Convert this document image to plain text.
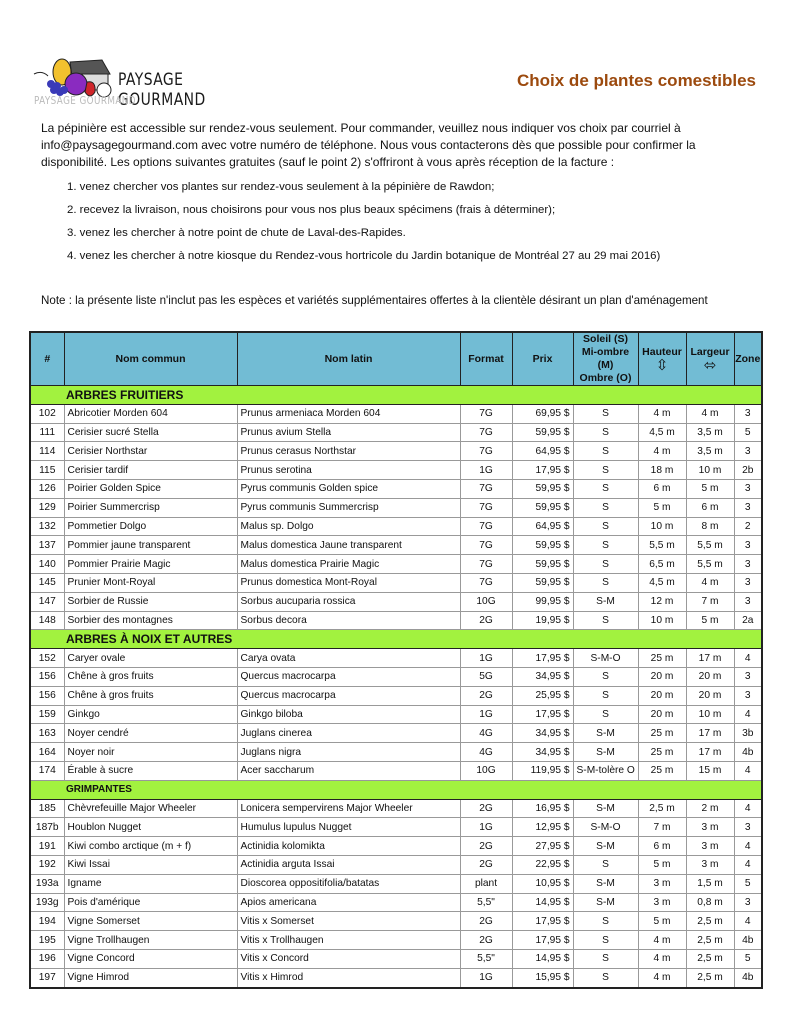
PAYSAGE GOURMAND
PAYSAGE GOURMAND
Choix de plantes comestibles
La pépinière est accessible sur rendez-vous seulement. Pour commander, veuillez nous indiquer vos choix par courriel à info@paysagegourmand.com avec votre numéro de téléphone. Nous vous contacterons dès que possible pour confirmer la disponibilité. Les options suivantes gratuites (sauf le point 2) s'offriront à vous après réception de la facture :
1. venez chercher vos plantes sur rendez-vous seulement à la pépinière de Rawdon;
2. recevez la livraison, nous choisirons pour vous nos plus beaux spécimens (frais à déterminer);
3. venez les chercher à notre point de chute de Laval-des-Rapides.
4. venez les chercher à notre kiosque du Rendez-vous hortricole du Jardin botanique de Montréal 27 au 29 mai 2016)
Note : la présente liste n'inclut pas les espèces et variétés supplémentaires offertes à la clientèle désirant un plan d'aménagement
#	Nom commun	Nom latin	Format	Prix	Soleil (S)
Mi-ombre (M)
Ombre (O)	Hauteur
⇳	Largeur
⬄	Zone
ARBRES FRUITIERS								
102	Abricotier Morden 604	Prunus armeniaca Morden 604	7G	69,95 $	S	4 m	4 m	3
111	Cerisier sucré Stella	Prunus avium Stella	7G	59,95 $	S	4,5 m	3,5 m	5
114	Cerisier Northstar	Prunus cerasus Northstar	7G	64,95 $	S	4 m	3,5 m	3
115	Cerisier tardif	Prunus serotina	1G	17,95 $	S	18 m	10 m	2b
126	Poirier Golden Spice	Pyrus communis Golden spice	7G	59,95 $	S	6 m	5 m	3
129	Poirier Summercrisp	Pyrus communis Summercrisp	7G	59,95 $	S	5 m	6 m	3
132	Pommetier Dolgo	Malus sp. Dolgo	7G	64,95 $	S	10 m	8 m	2
137	Pommier jaune transparent	Malus domestica Jaune transparent	7G	59,95 $	S	5,5 m	5,5 m	3
140	Pommier Prairie Magic	Malus domestica Prairie Magic	7G	59,95 $	S	6,5 m	5,5 m	3
145	Prunier Mont-Royal	Prunus domestica Mont-Royal	7G	59,95 $	S	4,5 m	4 m	3
147	Sorbier de Russie	Sorbus aucuparia rossica	10G	99,95 $	S-M	12 m	7 m	3
148	Sorbier des montagnes	Sorbus decora	2G	19,95 $	S	10 m	5 m	2a
ARBRES À NOIX ET AUTRES								
152	Caryer ovale	Carya ovata	1G	17,95 $	S-M-O	25 m	17 m	4
156	Chêne à gros fruits	Quercus macrocarpa	5G	34,95 $	S	20 m	20 m	3
156	Chêne à gros fruits	Quercus macrocarpa	2G	25,95 $	S	20 m	20 m	3
159	Ginkgo	Ginkgo biloba	1G	17,95 $	S	20 m	10 m	4
163	Noyer cendré	Juglans cinerea	4G	34,95 $	S-M	25 m	17 m	3b
164	Noyer noir	Juglans nigra	4G	34,95 $	S-M	25 m	17 m	4b
174	Érable à sucre	Acer saccharum	10G	119,95 $	S-M-tolère O	25 m	15 m	4
GRIMPANTES								
185	Chèvrefeuille Major Wheeler	Lonicera sempervirens Major Wheeler	2G	16,95 $	S-M	2,5 m	2 m	4
187b	Houblon Nugget	Humulus lupulus Nugget	1G	12,95 $	S-M-O	7 m	3 m	3
191	Kiwi combo arctique (m + f)	Actinidia kolomikta	2G	27,95 $	S-M	6 m	3 m	4
192	Kiwi Issai	Actinidia arguta Issai	2G	22,95 $	S	5 m	3 m	4
193a	Igname	Dioscorea oppositifolia/batatas	plant	10,95 $	S-M	3 m	1,5 m	5
193g	Pois d'amérique	Apios americana	5,5"	14,95 $	S-M	3 m	0,8 m	3
194	Vigne Somerset	Vitis x Somerset	2G	17,95 $	S	5 m	2,5 m	4
195	Vigne Trollhaugen	Vitis x Trollhaugen	2G	17,95 $	S	4 m	2,5 m	4b
196	Vigne Concord	Vitis x Concord	5,5"	14,95 $	S	4 m	2,5 m	5
197	Vigne Himrod	Vitis x Himrod	1G	15,95 $	S	4 m	2,5 m	4b
